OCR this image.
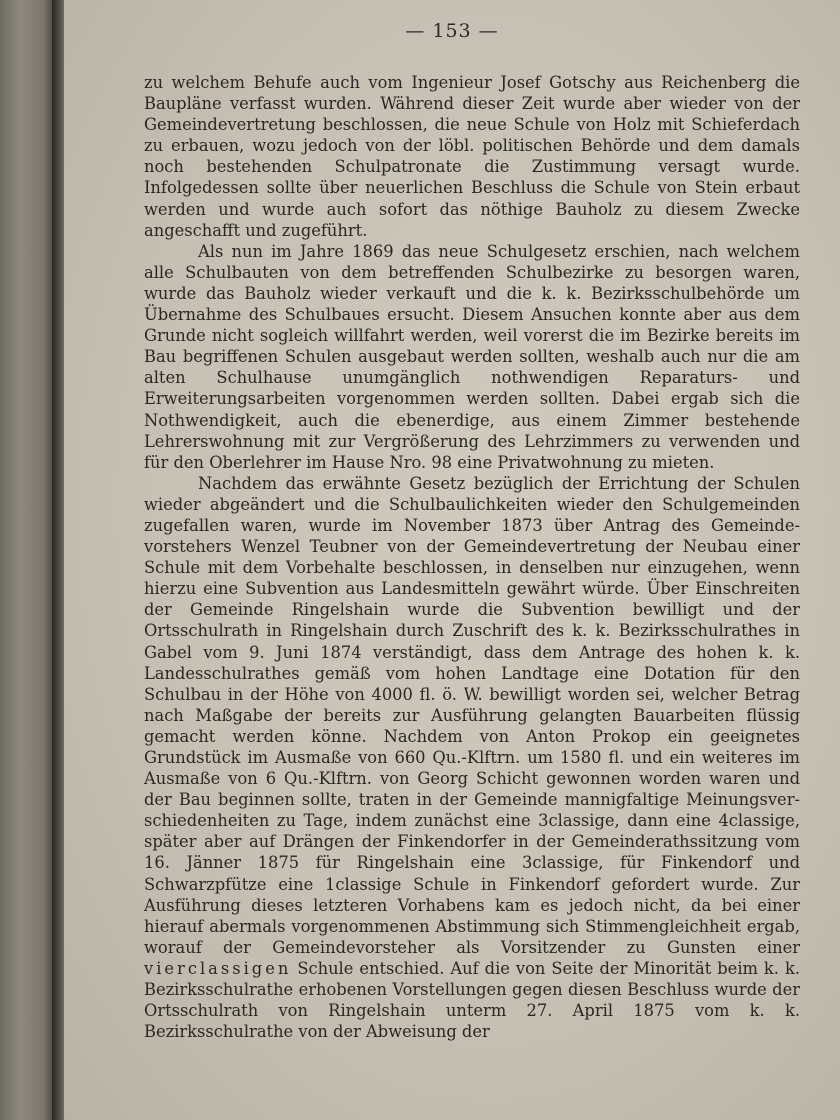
— 153 —

zu welchem Behufe auch vom Ingenieur Josef Gotschy aus Reichenberg die Baupläne verfasst wurden. Während dieser Zeit wurde aber wieder von der Gemeindevertretung beschlossen, die neue Schule von Holz mit Schieferdach zu erbauen, wozu jedoch von der löbl. politischen Behörde und dem damals noch bestehenden Schulpatronate die Zustimmung versagt wurde. Infolgedessen sollte über neuerlichen Beschluss die Schule von Stein erbaut werden und wurde auch sofort das nöthige Bauholz zu diesem Zwecke angeschafft und zugeführt.

Als nun im Jahre 1869 das neue Schulgesetz erschien, nach welchem alle Schulbauten von dem betreffenden Schulbezirke zu besorgen waren, wurde das Bauholz wieder verkauft und die k. k. Bezirksschulbehörde um Übernahme des Schulbaues ersucht. Diesem Ansuchen konnte aber aus dem Grunde nicht sogleich willfahrt werden, weil vorerst die im Bezirke bereits im Bau begriffenen Schulen ausgebaut werden sollten, weshalb auch nur die am alten Schulhause unumgänglich nothwendigen Reparaturs- und Erweiterungsarbeiten vorgenommen werden sollten. Dabei ergab sich die Nothwendigkeit, auch die ebenerdige, aus einem Zimmer bestehende Lehrerswohnung mit zur Vergrößerung des Lehrzimmers zu verwenden und für den Oberlehrer im Hause Nro. 98 eine Privatwohnung zu mieten.

Nachdem das erwähnte Gesetz bezüglich der Errichtung der Schulen wieder abgeändert und die Schulbaulichkeiten wieder den Schulgemeinden zugefallen waren, wurde im November 1873 über Antrag des Gemeindevorstehers Wenzel Teubner von der Gemeindevertretung der Neubau einer Schule mit dem Vorbehalte beschlossen, in denselben nur einzugehen, wenn hierzu eine Subvention aus Landesmitteln gewährt würde. Über Einschreiten der Gemeinde Ringelshain wurde die Subvention bewilligt und der Ortsschulrath in Ringelshain durch Zuschrift des k. k. Bezirksschulrathes in Gabel vom 9. Juni 1874 verständigt, dass dem Antrage des hohen k. k. Landesschulrathes gemäß vom hohen Landtage eine Dotation für den Schulbau in der Höhe von 4000 fl. ö. W. bewilligt worden sei, welcher Betrag nach Maßgabe der bereits zur Ausführung gelangten Bauarbeiten flüssig gemacht werden könne. Nachdem von Anton Prokop ein geeignetes Grundstück im Ausmaße von 660 Qu.-Klftrn. um 1580 fl. und ein weiteres im Ausmaße von 6 Qu.-Klftrn. von Georg Schicht gewonnen worden waren und der Bau beginnen sollte, traten in der Gemeinde mannigfaltige Meinungsverschiedenheiten zu Tage, indem zunächst eine 3classige, dann eine 4classige, später aber auf Drängen der Finkendorfer in der Gemeinderathssitzung vom 16. Jänner 1875 für Ringelshain eine 3classige, für Finkendorf und Schwarzpfütze eine 1classige Schule in Finkendorf gefordert wurde. Zur Ausführung dieses letzteren Vorhabens kam es jedoch nicht, da bei einer hierauf abermals vorgenommenen Abstimmung sich Stimmengleichheit ergab, worauf der Gemeindevorsteher als Vorsitzender zu Gunsten einer vierclassigen Schule entschied. Auf die von Seite der Minorität beim k. k. Bezirksschulrathe erhobenen Vorstellungen gegen diesen Beschluss wurde der Ortsschulrath von Ringelshain unterm 27. April 1875 vom k. k. Bezirksschulrathe von der Abweisung der
